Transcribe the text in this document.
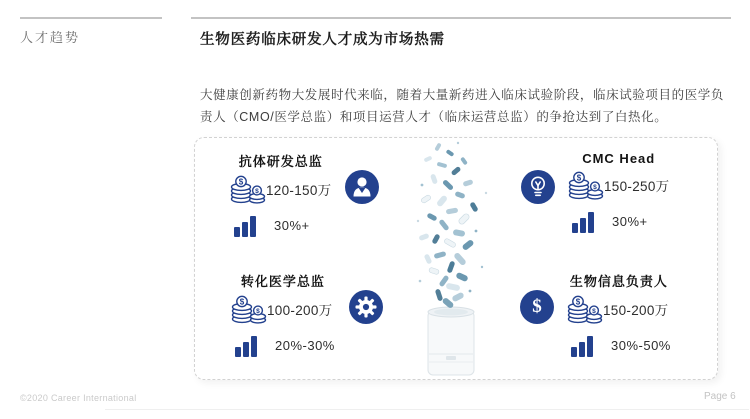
人才趋势	生物医药临床研发人才成为市场热需
大健康创新药物大发展时代来临，随着大量新药进入临床试验阶段，临床试验项目的医学负责人（CMO/医学总监）和项目运营人才（临床运营总监）的争抢达到了白热化。
抗体研发总监
$
$ 120-150万
30%+
CMC Head
$
$ 150-250万
30%+
转化医学总监
$
$ 100-200万
20%-30%
$
生物信息负责人
$
$ 150-200万
30%-50%
©2020 Career International	Page 6
